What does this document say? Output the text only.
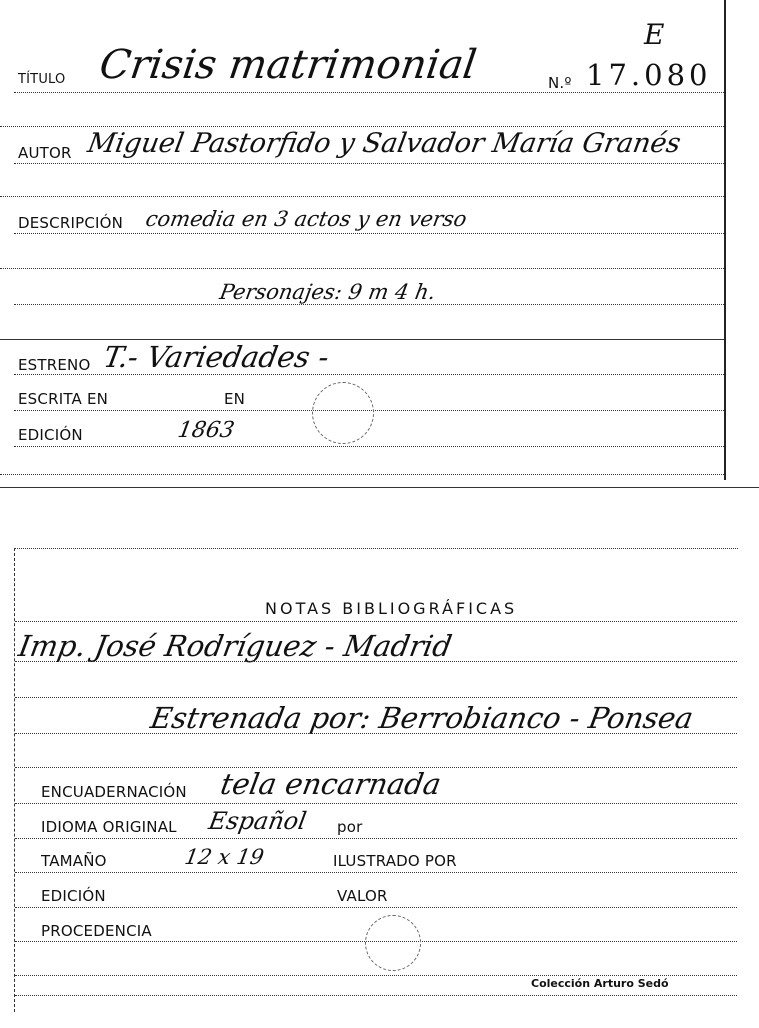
E
TÍTULO Crisis matrimonial	N.º 17.080
AUTOR Miguel Pastorfido y Salvador María Granés
DESCRIPCIÓN comedia en 3 actos y en verso
Personajes: 9 m 4 h.
ESTRENO T.- Variedades -
ESCRITA EN	EN
EDICIÓN	1863
NOTAS BIBLIOGRÁFICAS
Imp. José Rodríguez - Madrid
Estrenada por: Berrobianco - Ponsea
ENCUADERNACIÓN tela encarnada
IDIOMA ORIGINAL Español por
TAMAÑO	12 x 19	ILUSTRADO POR
EDICIÓN	VALOR
PROCEDENCIA
Colección Arturo Sedó
